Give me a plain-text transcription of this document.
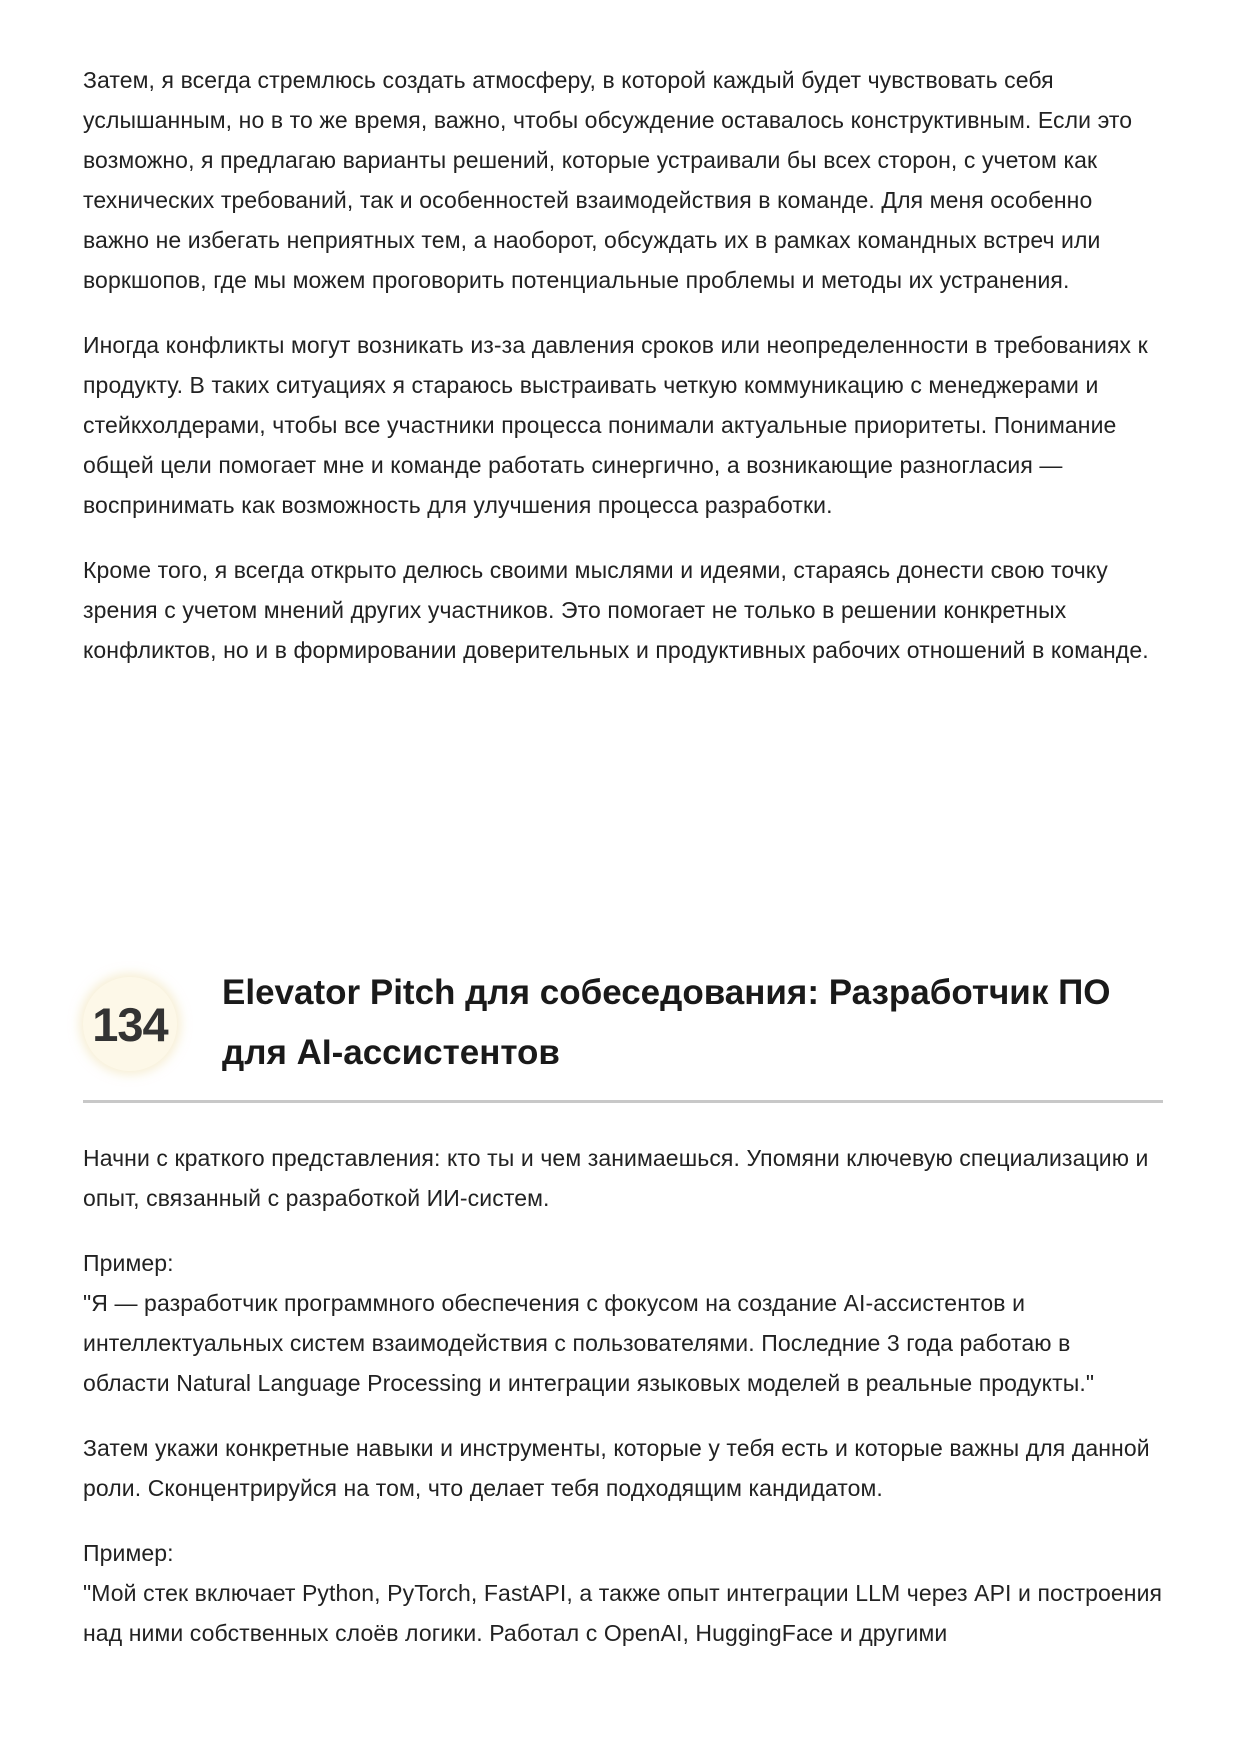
Затем, я всегда стремлюсь создать атмосферу, в которой каждый будет чувствовать себя услышанным, но в то же время, важно, чтобы обсуждение оставалось конструктивным. Если это возможно, я предлагаю варианты решений, которые устраивали бы всех сторон, с учетом как технических требований, так и особенностей взаимодействия в команде. Для меня особенно важно не избегать неприятных тем, а наоборот, обсуждать их в рамках командных встреч или воркшопов, где мы можем проговорить потенциальные проблемы и методы их устранения.

Иногда конфликты могут возникать из-за давления сроков или неопределенности в требованиях к продукту. В таких ситуациях я стараюсь выстраивать четкую коммуникацию с менеджерами и стейкхолдерами, чтобы все участники процесса понимали актуальные приоритеты. Понимание общей цели помогает мне и команде работать синергично, а возникающие разногласия — воспринимать как возможность для улучшения процесса разработки.

Кроме того, я всегда открыто делюсь своими мыслями и идеями, стараясь донести свою точку зрения с учетом мнений других участников. Это помогает не только в решении конкретных конфликтов, но и в формировании доверительных и продуктивных рабочих отношений в команде.

134
Elevator Pitch для собеседования: Разработчик ПО для AI-ассистентов

Начни с краткого представления: кто ты и чем занимаешься. Упомяни ключевую специализацию и опыт, связанный с разработкой ИИ-систем.

Пример:
"Я — разработчик программного обеспечения с фокусом на создание AI-ассистентов и интеллектуальных систем взаимодействия с пользователями. Последние 3 года работаю в области Natural Language Processing и интеграции языковых моделей в реальные продукты."

Затем укажи конкретные навыки и инструменты, которые у тебя есть и которые важны для данной роли. Сконцентрируйся на том, что делает тебя подходящим кандидатом.

Пример:
"Мой стек включает Python, PyTorch, FastAPI, а также опыт интеграции LLM через API и построения над ними собственных слоёв логики. Работал с OpenAI, HuggingFace и другими
